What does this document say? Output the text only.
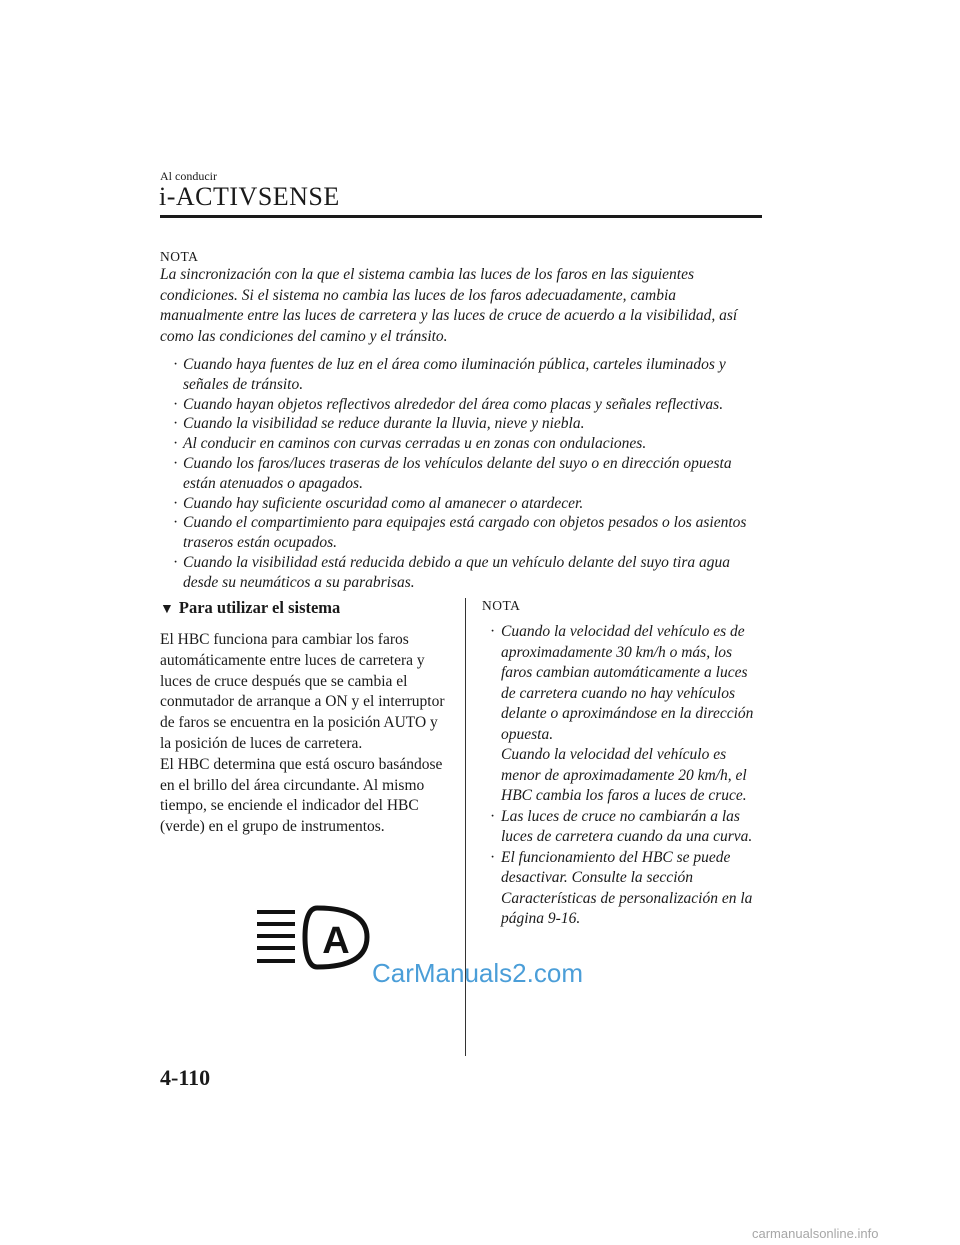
Al conducir
i-ACTIVSENSE
NOTA

La sincronización con la que el sistema cambia las luces de los faros en las siguientes condiciones. Si el sistema no cambia las luces de los faros adecuadamente, cambia manualmente entre las luces de carretera y las luces de cruce de acuerdo a la visibilidad, así como las condiciones del camino y el tránsito.

· Cuando haya fuentes de luz en el área como iluminación pública, carteles iluminados y señales de tránsito.
· Cuando hayan objetos reflectivos alrededor del área como placas y señales reflectivas.
· Cuando la visibilidad se reduce durante la lluvia, nieve y niebla.
· Al conducir en caminos con curvas cerradas u en zonas con ondulaciones.
· Cuando los faros/luces traseras de los vehículos delante del suyo o en dirección opuesta están atenuados o apagados.
· Cuando hay suficiente oscuridad como al amanecer o atardecer.
· Cuando el compartimiento para equipajes está cargado con objetos pesados o los asientos traseros están ocupados.
· Cuando la visibilidad está reducida debido a que un vehículo delante del suyo tira agua desde su neumáticos a su parabrisas.
▼ Para utilizar el sistema

El HBC funciona para cambiar los faros automáticamente entre luces de carretera y luces de cruce después que se cambia el conmutador de arranque a ON y el interruptor de faros se encuentra en la posición AUTO y la posición de luces de carretera.

El HBC determina que está oscuro basándose en el brillo del área circundante. Al mismo tiempo, se enciende el indicador del HBC (verde) en el grupo de instrumentos.

NOTA
· Cuando la velocidad del vehículo es de aproximadamente 30 km/h o más, los faros cambian automáticamente a luces de carretera cuando no hay vehículos delante o aproximándose en la dirección opuesta.
Cuando la velocidad del vehículo es menor de aproximadamente 20 km/h, el HBC cambia los faros a luces de cruce.
· Las luces de cruce no cambiarán a las luces de carretera cuando da una curva.
· El funcionamiento del HBC se puede desactivar. Consulte la sección Características de personalización en la página 9-16.
A
CarManuals2.com
4-110
carmanualsonline.info
